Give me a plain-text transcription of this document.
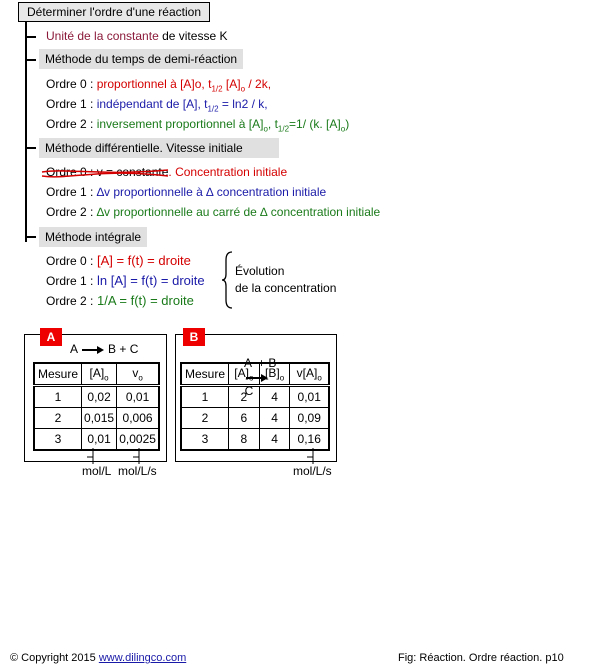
Déterminer l'ordre d'une réaction
Unité de la constante de vitesse K
Méthode du temps de demi-réaction
Ordre 0 : proportionnel à [A]o, $t_{1/2}$ $[A]_o / 2k$,
Ordre 1 : indépendant de [A], $t_{1/2} = \ln 2 / k$,
Ordre 2 : inversement proportionnel à $[A]_o$, $t_{1/2}=1/$ (k. $[A]_o$)
Méthode différentielle. Vitesse initiale
Ordre 0 : v = constante. Concentration initiale
Ordre 1 : ∆v proportionnelle à ∆ concentration initiale
Ordre 2 : ∆v proportionnelle au carré de ∆ concentration initiale
Méthode intégrale
Ordre 0 : [A] = f(t) = droite
Ordre 1 : ln [A] = f(t) = droite
Ordre 2 : 1/A = f(t) = droite
Évolution
de la concentration
A
A	B + C
Mesure	$[A]_o$	$v_o$
1	0,02	0,01
2	0,015	0,006
3	0,01	0,0025
mol/L mol/L/s
B

A  + B

C

Mesure	$[A]_o$	$[B]_o$	$v[A]_o$
1	2	4	0,01
2	6	4	0,09
3	8	4	0,16
mol/L/s
© Copyright 2015 www.dilingco.com	Fig: Réaction. Ordre réaction. p10
